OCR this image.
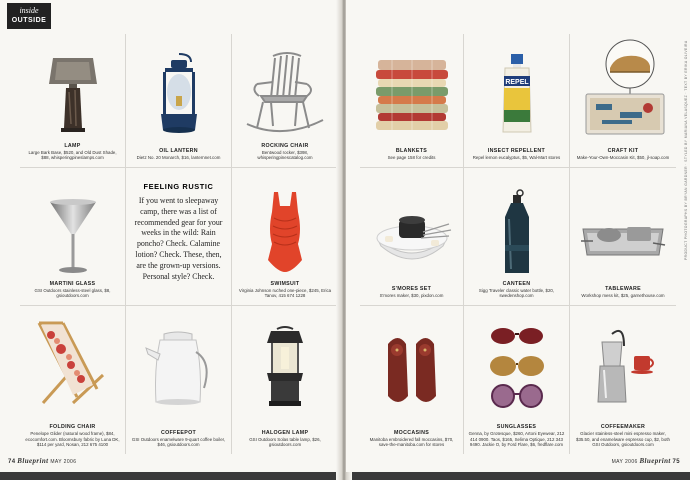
inside
OUTSIDE
LAMP
Large Bark Base, $520, and Old Dust Shade, $88, whisperingpineslamps.com
OIL LANTERN
Dietz No. 20 Monarch, $16, lanternnet.com
ROCKING CHAIR
Bentwood rocker, $398, whisperingpinescatalog.com
MARTINI GLASS
GSI Outdoors stainless-steel glass, $8, gsioutdoors.com
FEELING RUSTIC
If you went to sleepaway camp, there was a list of recommended gear for your weeks in the wild: Rain poncho? Check. Calamine lotion? Check. These, then, are the grown-up versions. Personal style? Check.
SWIMSUIT
Virginia Johnson ruched one-piece, $245, Erica Tanov, 415 674 1228
FOLDING CHAIR
Penelope Glider (natural wood frame), $84, ecocomfort.com. Bloomsbury fabric by Luna DK, $114 per yard, Nosan, 212 675 4100
COFFEEPOT
GSI Outdoors enamelware 9-quart coffee boiler, $46, gsioutdoors.com
HALOGEN LAMP
GSI Outdoors Solas table lamp, $26, gsioutdoors.com
74 Blueprint MAY 2006
PRODUCT PHOTOGRAPHS BY BRYAN GARDNER · STYLED BY MARIANA VELASQUEZ · TEXT BY ERIKA OLIVEIRA
BLANKETS
See page 158 for credits
REPEL
INSECT REPELLENT
Repel lemon eucalyptus, $5, Wal-Mart stores
CRAFT KIT
Make-Your-Own-Moccasin Kit, $50, jl-soap.com
S'MORES SET
S'mores maker, $30, pixdon.com
CANTEEN
Sigg Traveler classic water bottle, $20, swedenshop.com
TABLEWARE
Workshop mess kit, $25, garnethouse.com
MOCCASINS
Manitoba embroidered fall moccasins, $70, save-the-manitoba.com for stores
SUNGLASSES
Genna, by Grotesque, $260, Artoni Eyewear, 212 414 0900. Taos, $165, Selima Optique, 212 343 9490. Jackie O, by Ford Flare, $6, fredflare.com
COFFEEMAKER
Glacier stainless-steel mini espresso maker, $35.50, and enamelware espresso cup, $2, both GSI Outdoors, gsioutdoors.com
MAY 2006 Blueprint 75
